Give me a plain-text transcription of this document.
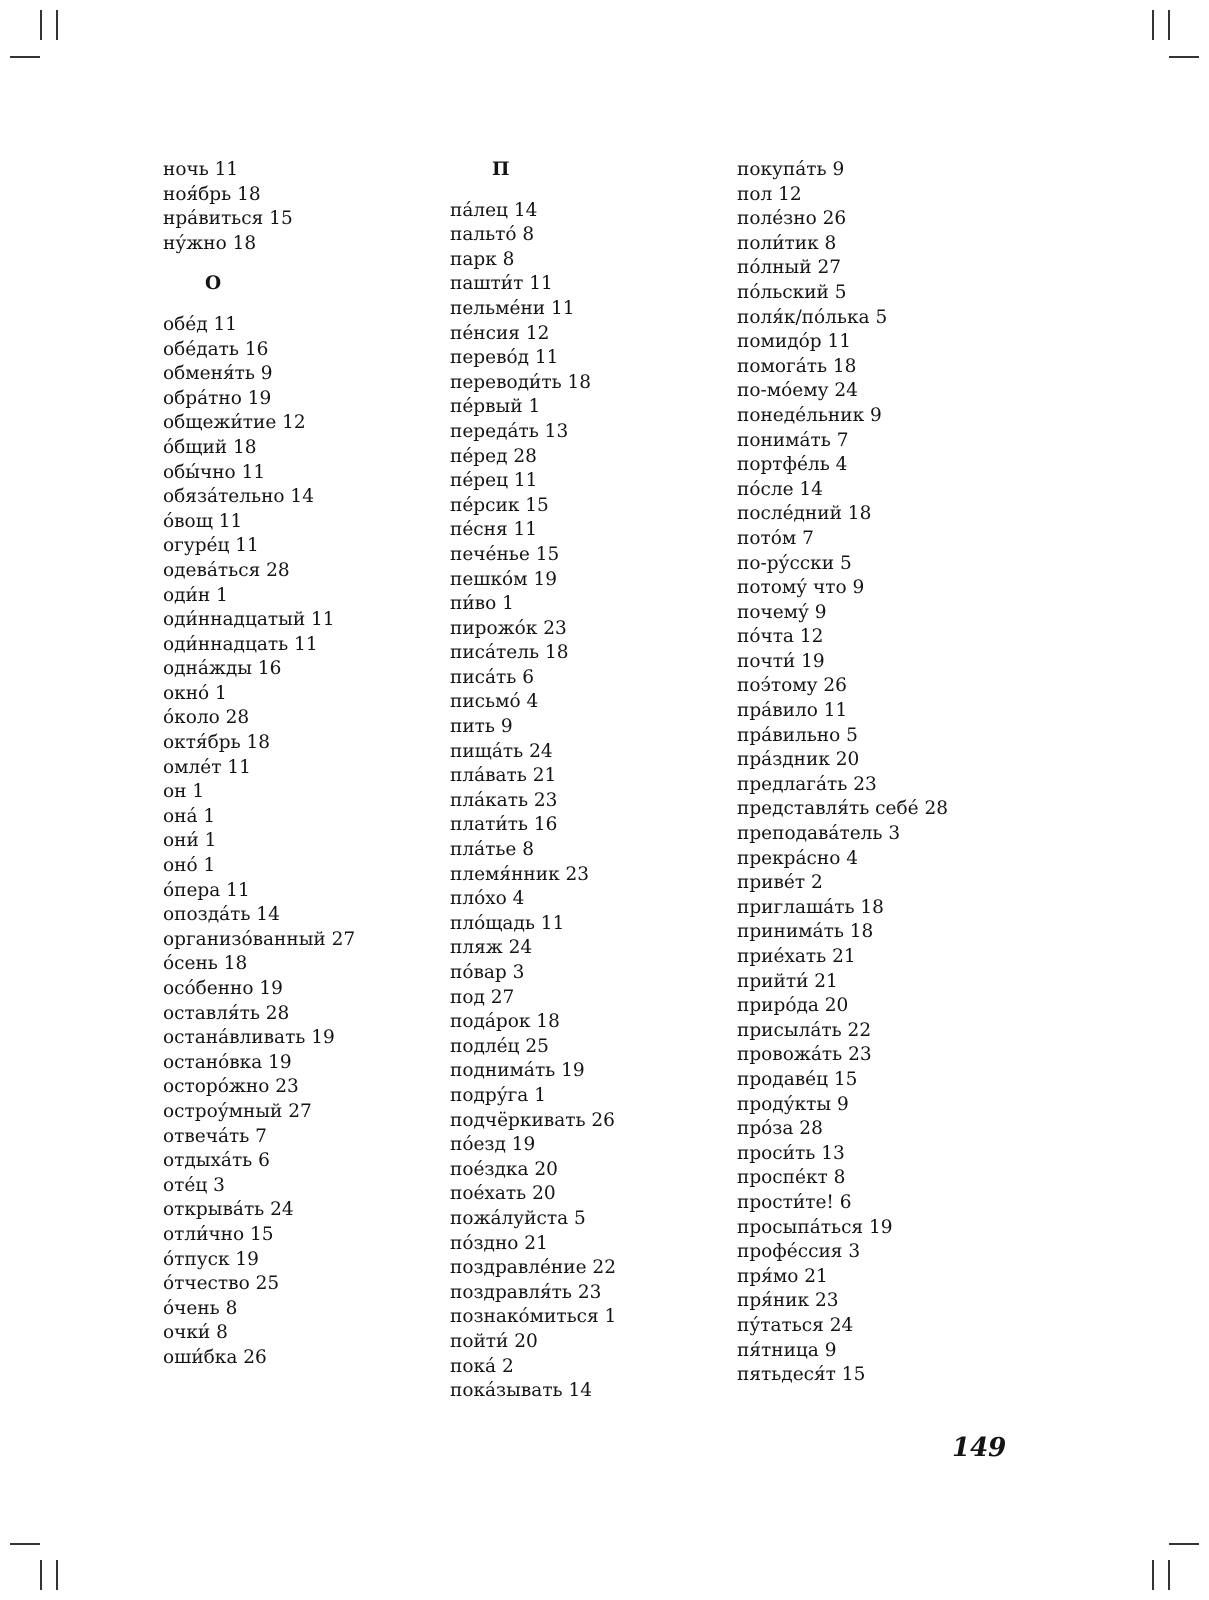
ночь 11
ноя́брь 18
нра́виться 15
ну́жно 18
О
обе́д 11
обе́дать 16
обменя́ть 9
обра́тно 19
общежи́тие 12
о́бщий 18
обы́чно 11
обяза́тельно 14
о́вощ 11
огуре́ц 11
одева́ться 28
оди́н 1
оди́ннадцатый 11
оди́ннадцать 11
одна́жды 16
окно́ 1
о́коло 28
октя́брь 18
омле́т 11
он 1
она́ 1
они́ 1
оно́ 1
о́пера 11
опозда́ть 14
организо́ванный 27
о́сень 18
осо́бенно 19
оставля́ть 28
остана́вливать 19
остано́вка 19
осторо́жно 23
остроу́мный 27
отвеча́ть 7
отдыха́ть 6
оте́ц 3
открыва́ть 24
отли́чно 15
о́тпуск 19
о́тчество 25
о́чень 8
очки́ 8
оши́бка 26
П
па́лец 14
пальто́ 8
парк 8
пашти́т 11
пельме́ни 11
пе́нсия 12
перево́д 11
переводи́ть 18
пе́рвый 1
переда́ть 13
пе́ред 28
пе́рец 11
пе́рсик 15
пе́сня 11
пече́нье 15
пешко́м 19
пи́во 1
пирожо́к 23
писа́тель 18
писа́ть 6
письмо́ 4
пить 9
пища́ть 24
пла́вать 21
пла́кать 23
плати́ть 16
пла́тье 8
племя́нник 23
пло́хо 4
пло́щадь 11
пляж 24
по́вар 3
под 27
пода́рок 18
подле́ц 25
поднима́ть 19
подру́га 1
подчёркивать 26
по́езд 19
пое́здка 20
пое́хать 20
пожа́луйста 5
по́здно 21
поздравле́ние 22
поздравля́ть 23
познако́миться 1
пойти́ 20
пока́ 2
пока́зывать 14
покупа́ть 9
пол 12
поле́зно 26
поли́тик 8
по́лный 27
по́льский 5
поля́к/по́лька 5
помидо́р 11
помога́ть 18
по-мо́ему 24
понеде́льник 9
понима́ть 7
портфе́ль 4
по́сле 14
после́дний 18
пото́м 7
по-ру́сски 5
потому́ что 9
почему́ 9
по́чта 12
почти́ 19
поэ́тому 26
пра́вило 11
пра́вильно 5
пра́здник 20
предлага́ть 23
представля́ть себе́ 28
преподава́тель 3
прекра́сно 4
приве́т 2
приглаша́ть 18
принима́ть 18
прие́хать 21
прийти́ 21
приро́да 20
присыла́ть 22
провожа́ть 23
продаве́ц 15
проду́кты 9
про́за 28
проси́ть 13
проспе́кт 8
прости́те! 6
просыпа́ться 19
профе́ссия 3
пря́мо 21
пря́ник 23
пу́таться 24
пя́тница 9
пятьдеся́т 15
149
